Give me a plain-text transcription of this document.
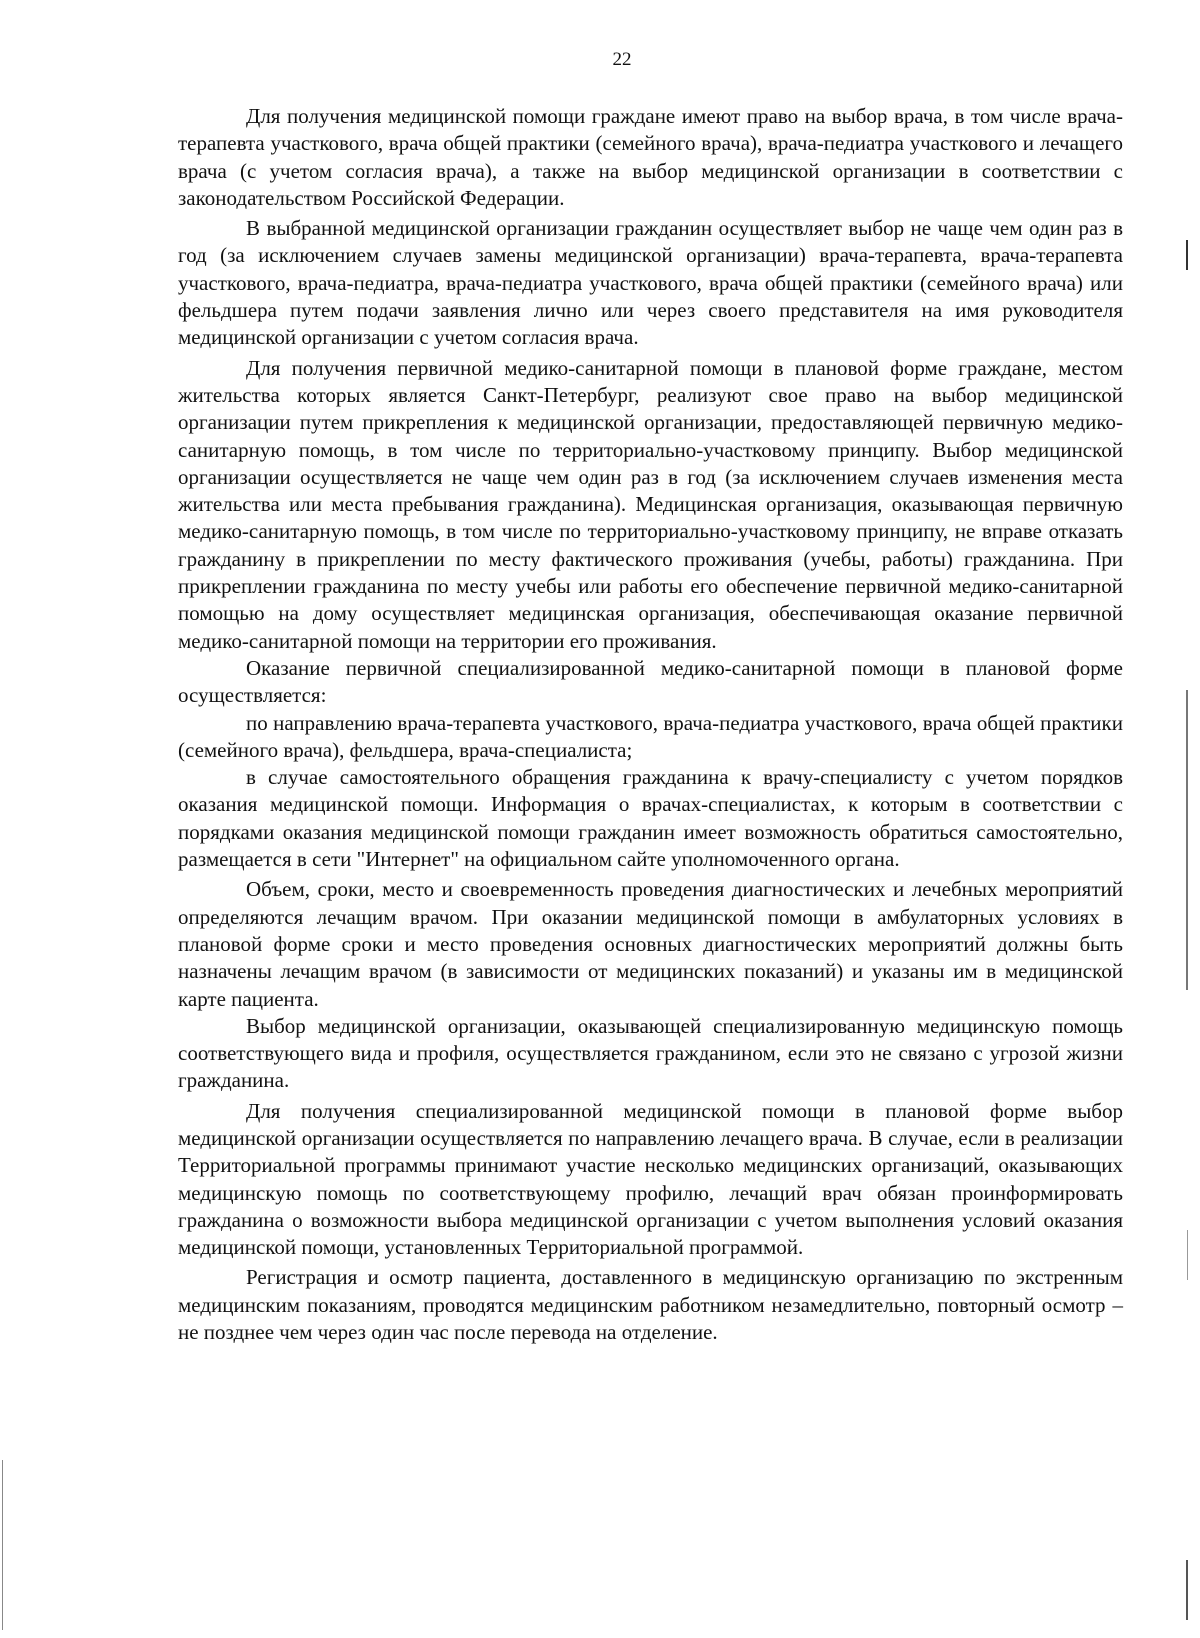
22

Для получения медицинской помощи граждане имеют право на выбор врача, в том числе врача-терапевта участкового, врача общей практики (семейного врача), врача-педиатра участкового и лечащего врача (с учетом согласия врача), а также на выбор медицинской организации в соответствии с законодательством Российской Федерации.

В выбранной медицинской организации гражданин осуществляет выбор не чаще чем один раз в год (за исключением случаев замены медицинской организации) врача-терапевта, врача-терапевта участкового, врача-педиатра, врача-педиатра участкового, врача общей практики (семейного врача) или фельдшера путем подачи заявления лично или через своего представителя на имя руководителя медицинской организации с учетом согласия врача.

Для получения первичной медико-санитарной помощи в плановой форме граждане, местом жительства которых является Санкт-Петербург, реализуют свое право на выбор медицинской организации путем прикрепления к медицинской организации, предоставляющей первичную медико-санитарную помощь, в том числе по территориально-участковому принципу. Выбор медицинской организации осуществляется не чаще чем один раз в год (за исключением случаев изменения места жительства или места пребывания гражданина). Медицинская организация, оказывающая первичную медико-санитарную помощь, в том числе по территориально-участковому принципу, не вправе отказать гражданину в прикреплении по месту фактического проживания (учебы, работы) гражданина. При прикреплении гражданина по месту учебы или работы его обеспечение первичной медико-санитарной помощью на дому осуществляет медицинская организация, обеспечивающая оказание первичной медико-санитарной помощи на территории его проживания.

Оказание первичной специализированной медико-санитарной помощи в плановой форме осуществляется:

по направлению врача-терапевта участкового, врача-педиатра участкового, врача общей практики (семейного врача), фельдшера, врача-специалиста;

в случае самостоятельного обращения гражданина к врачу-специалисту с учетом порядков оказания медицинской помощи. Информация о врачах-специалистах, к которым в соответствии с порядками оказания медицинской помощи гражданин имеет возможность обратиться самостоятельно, размещается в сети "Интернет" на официальном сайте уполномоченного органа.

Объем, сроки, место и своевременность проведения диагностических и лечебных мероприятий определяются лечащим врачом. При оказании медицинской помощи в амбулаторных условиях в плановой форме сроки и место проведения основных диагностических мероприятий должны быть назначены лечащим врачом (в зависимости от медицинских показаний) и указаны им в медицинской карте пациента.

Выбор медицинской организации, оказывающей специализированную медицинскую помощь соответствующего вида и профиля, осуществляется гражданином, если это не связано с угрозой жизни гражданина.

Для получения специализированной медицинской помощи в плановой форме выбор медицинской организации осуществляется по направлению лечащего врача. В случае, если в реализации Территориальной программы принимают участие несколько медицинских организаций, оказывающих медицинскую помощь по соответствующему профилю, лечащий врач обязан проинформировать гражданина о возможности выбора медицинской организации с учетом выполнения условий оказания медицинской помощи, установленных Территориальной программой.

Регистрация и осмотр пациента, доставленного в медицинскую организацию по экстренным медицинским показаниям, проводятся медицинским работником незамедлительно, повторный осмотр – не позднее чем через один час после перевода на отделение.
